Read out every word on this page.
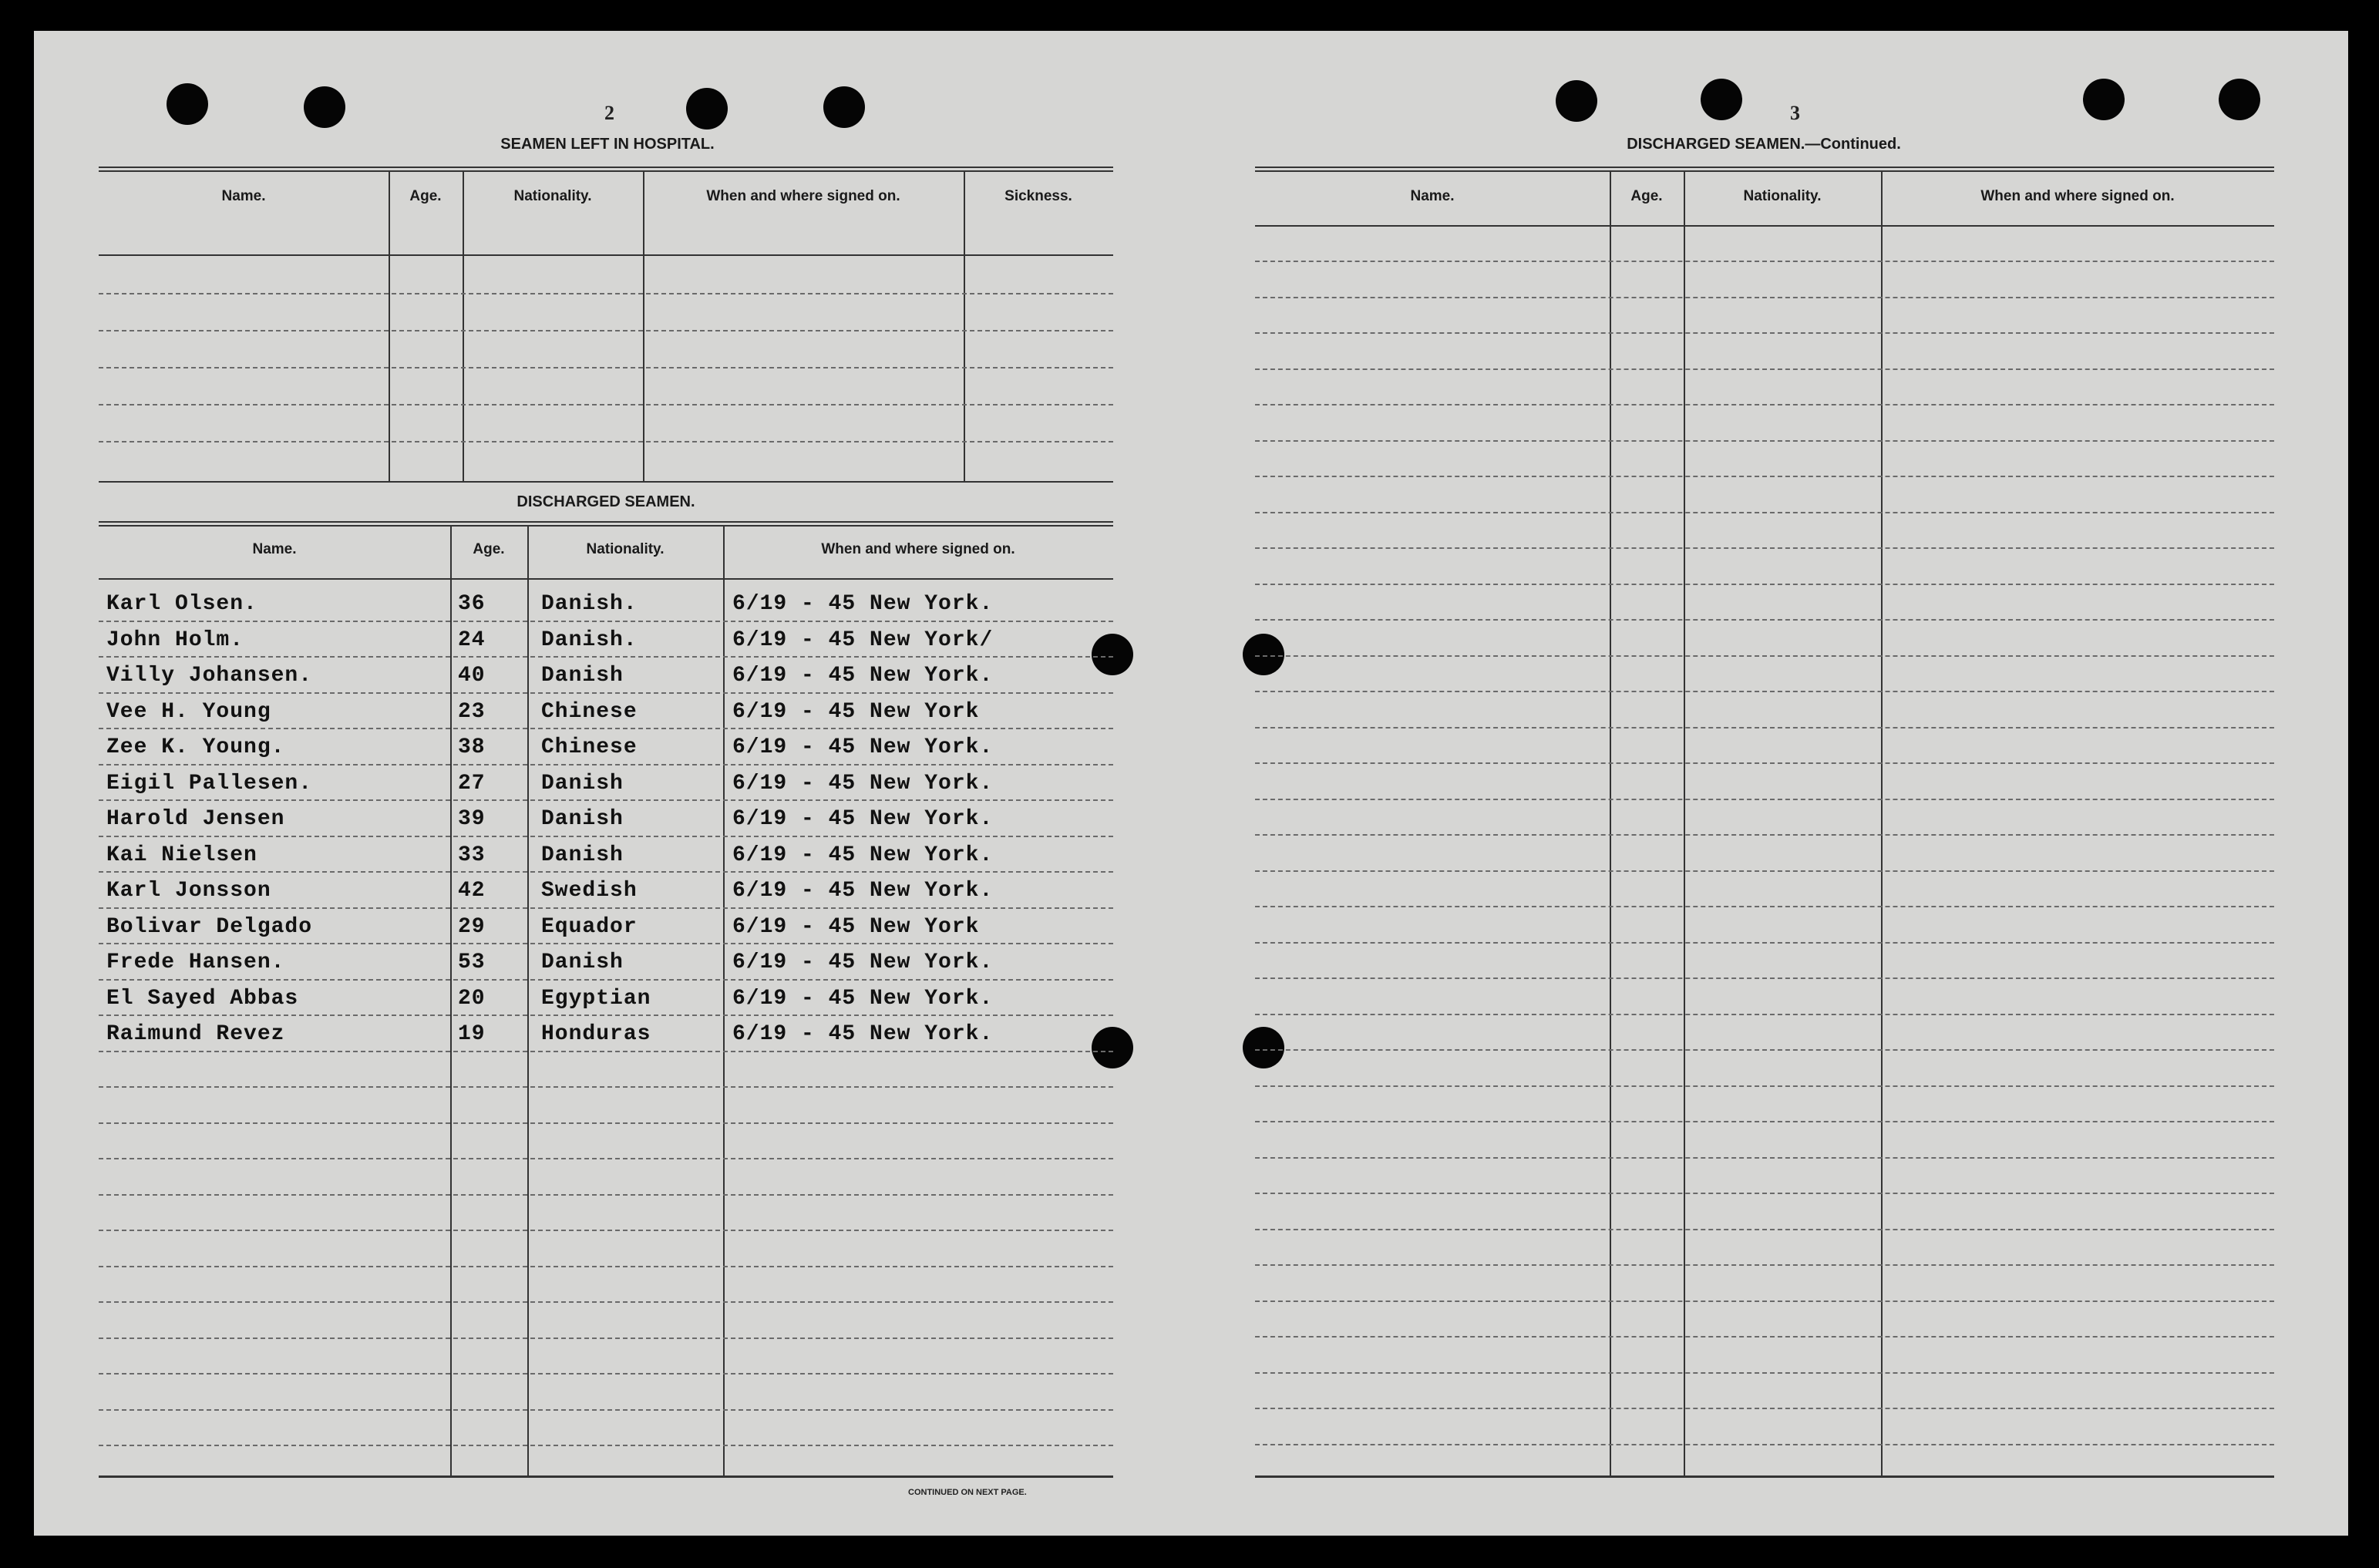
2
SEAMEN LEFT IN HOSPITAL.
Name.	Age.	Nationality.	When and where signed on.	Sickness.
DISCHARGED SEAMEN.
Name.	Age.	Nationality.	When and where signed on.
Karl Olsen.	36	Danish.	6/19 - 45 New York.
John Holm.	24	Danish.	6/19 - 45 New York/
Villy Johansen.	40	Danish	6/19 - 45 New York.
Vee H. Young	23	Chinese	6/19 - 45 New York
Zee K. Young.	38	Chinese	6/19 - 45 New York.
Eigil Pallesen.	27	Danish	6/19 - 45 New York.
Harold Jensen	39	Danish	6/19 - 45 New York.
Kai Nielsen	33	Danish	6/19 - 45 New York.
Karl Jonsson	42	Swedish	6/19 - 45 New York.
Bolivar Delgado	29	Equador	6/19 - 45 New York
Frede Hansen.	53	Danish	6/19 - 45 New York.
El Sayed Abbas	20	Egyptian	6/19 - 45 New York.
Raimund Revez	19	Honduras	6/19 - 45 New York.
CONTINUED ON NEXT PAGE.
3
DISCHARGED SEAMEN.—Continued.
Name.	Age.	Nationality.	When and where signed on.
